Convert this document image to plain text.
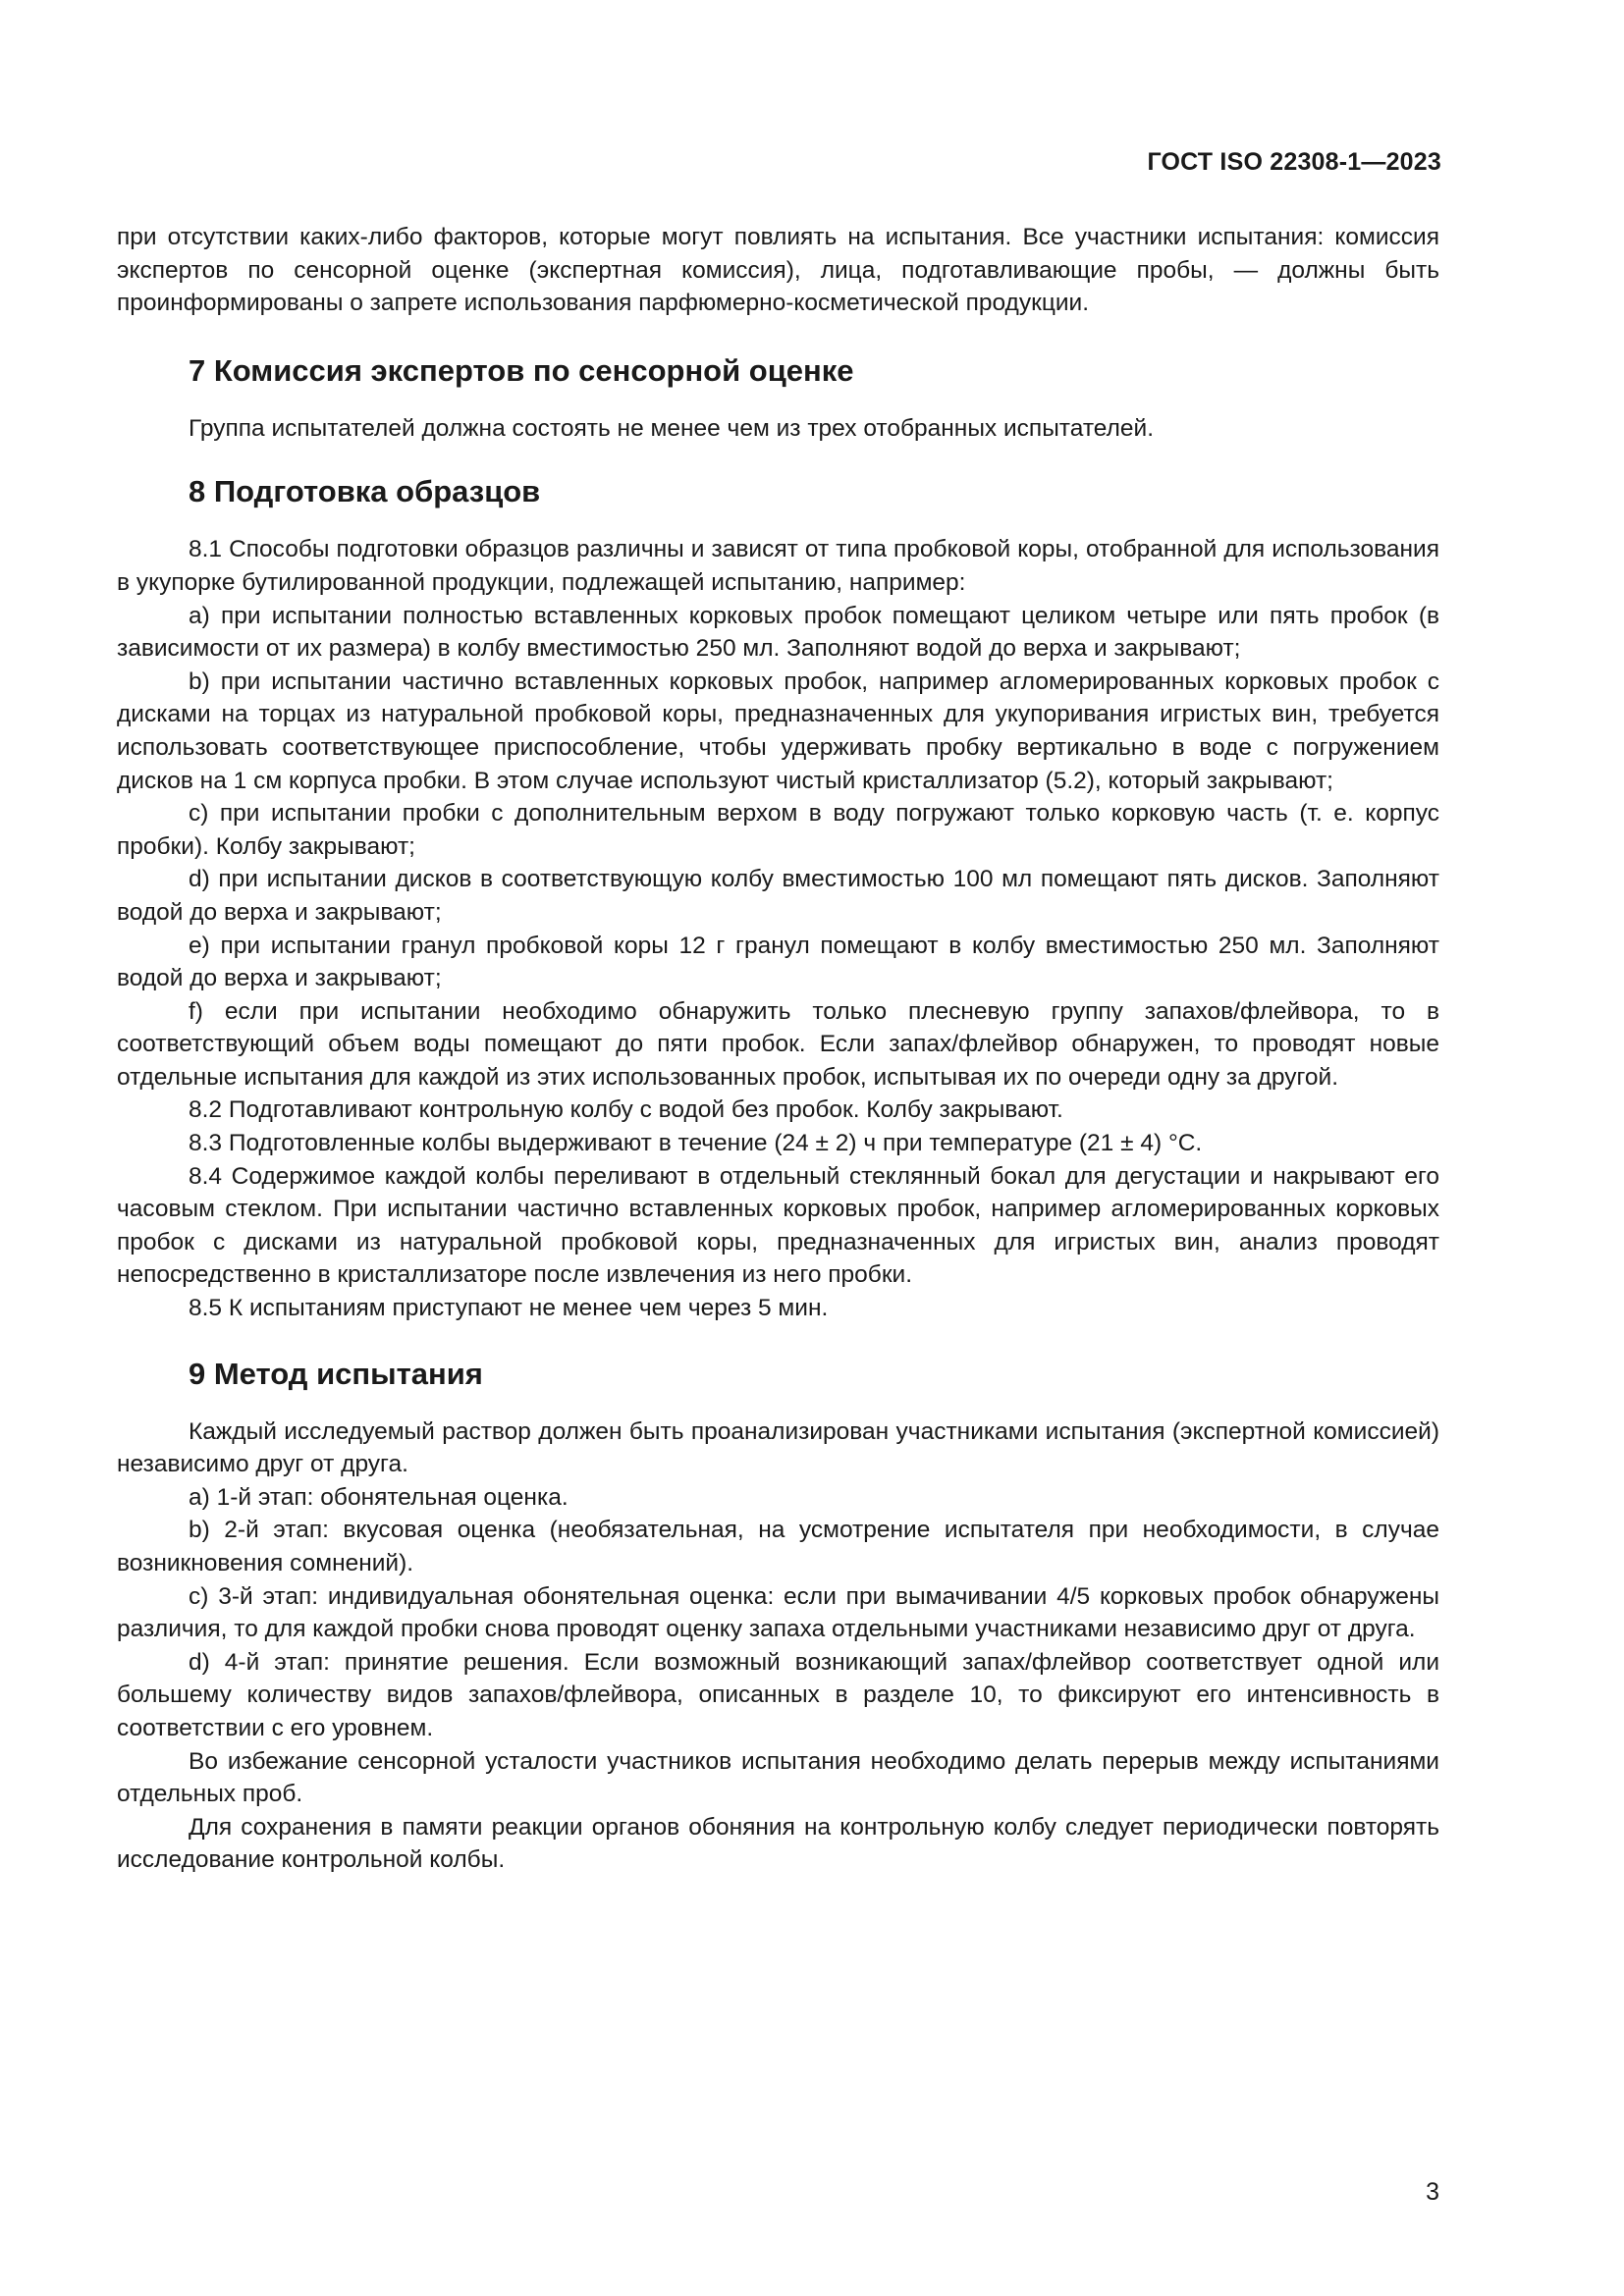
ГОСТ ISO 22308-1—2023

при отсутствии каких-либо факторов, которые могут повлиять на испытания. Все участники испытания: комиссия экспертов по сенсорной оценке (экспертная комиссия), лица, подготавливающие пробы, — должны быть проинформированы о запрете использования парфюмерно-косметической продукции.

7 Комиссия экспертов по сенсорной оценке

Группа испытателей должна состоять не менее чем из трех отобранных испытателей.

8 Подготовка образцов

8.1 Способы подготовки образцов различны и зависят от типа пробковой коры, отобранной для использования в укупорке бутилированной продукции, подлежащей испытанию, например:

a) при испытании полностью вставленных корковых пробок помещают целиком четыре или пять пробок (в зависимости от их размера) в колбу вместимостью 250 мл. Заполняют водой до верха и закрывают;

b) при испытании частично вставленных корковых пробок, например агломерированных корковых пробок с дисками на торцах из натуральной пробковой коры, предназначенных для укупоривания игристых вин, требуется использовать соответствующее приспособление, чтобы удерживать пробку вертикально в воде с погружением дисков на 1 см корпуса пробки. В этом случае используют чистый кристаллизатор (5.2), который закрывают;

c) при испытании пробки с дополнительным верхом в воду погружают только корковую часть (т. е. корпус пробки). Колбу закрывают;

d) при испытании дисков в соответствующую колбу вместимостью 100 мл помещают пять дисков. Заполняют водой до верха и закрывают;

e) при испытании гранул пробковой коры 12 г гранул помещают в колбу вместимостью 250 мл. Заполняют водой до верха и закрывают;

f) если при испытании необходимо обнаружить только плесневую группу запахов/флейвора, то в соответствующий объем воды помещают до пяти пробок. Если запах/флейвор обнаружен, то проводят новые отдельные испытания для каждой из этих использованных пробок, испытывая их по очереди одну за другой.

8.2 Подготавливают контрольную колбу с водой без пробок. Колбу закрывают.

8.3 Подготовленные колбы выдерживают в течение (24 ± 2) ч при температуре (21 ± 4) °C.

8.4 Содержимое каждой колбы переливают в отдельный стеклянный бокал для дегустации и накрывают его часовым стеклом. При испытании частично вставленных корковых пробок, например агломерированных корковых пробок с дисками из натуральной пробковой коры, предназначенных для игристых вин, анализ проводят непосредственно в кристаллизаторе после извлечения из него пробки.

8.5 К испытаниям приступают не менее чем через 5 мин.

9 Метод испытания

Каждый исследуемый раствор должен быть проанализирован участниками испытания (экспертной комиссией) независимо друг от друга.

a) 1-й этап: обонятельная оценка.

b) 2-й этап: вкусовая оценка (необязательная, на усмотрение испытателя при необходимости, в случае возникновения сомнений).

c) 3-й этап: индивидуальная обонятельная оценка: если при вымачивании 4/5 корковых пробок обнаружены различия, то для каждой пробки снова проводят оценку запаха отдельными участниками независимо друг от друга.

d) 4-й этап: принятие решения. Если возможный возникающий запах/флейвор соответствует одной или большему количеству видов запахов/флейвора, описанных в разделе 10, то фиксируют его интенсивность в соответствии с его уровнем.

Во избежание сенсорной усталости участников испытания необходимо делать перерыв между испытаниями отдельных проб.

Для сохранения в памяти реакции органов обоняния на контрольную колбу следует периодически повторять исследование контрольной колбы.

3
